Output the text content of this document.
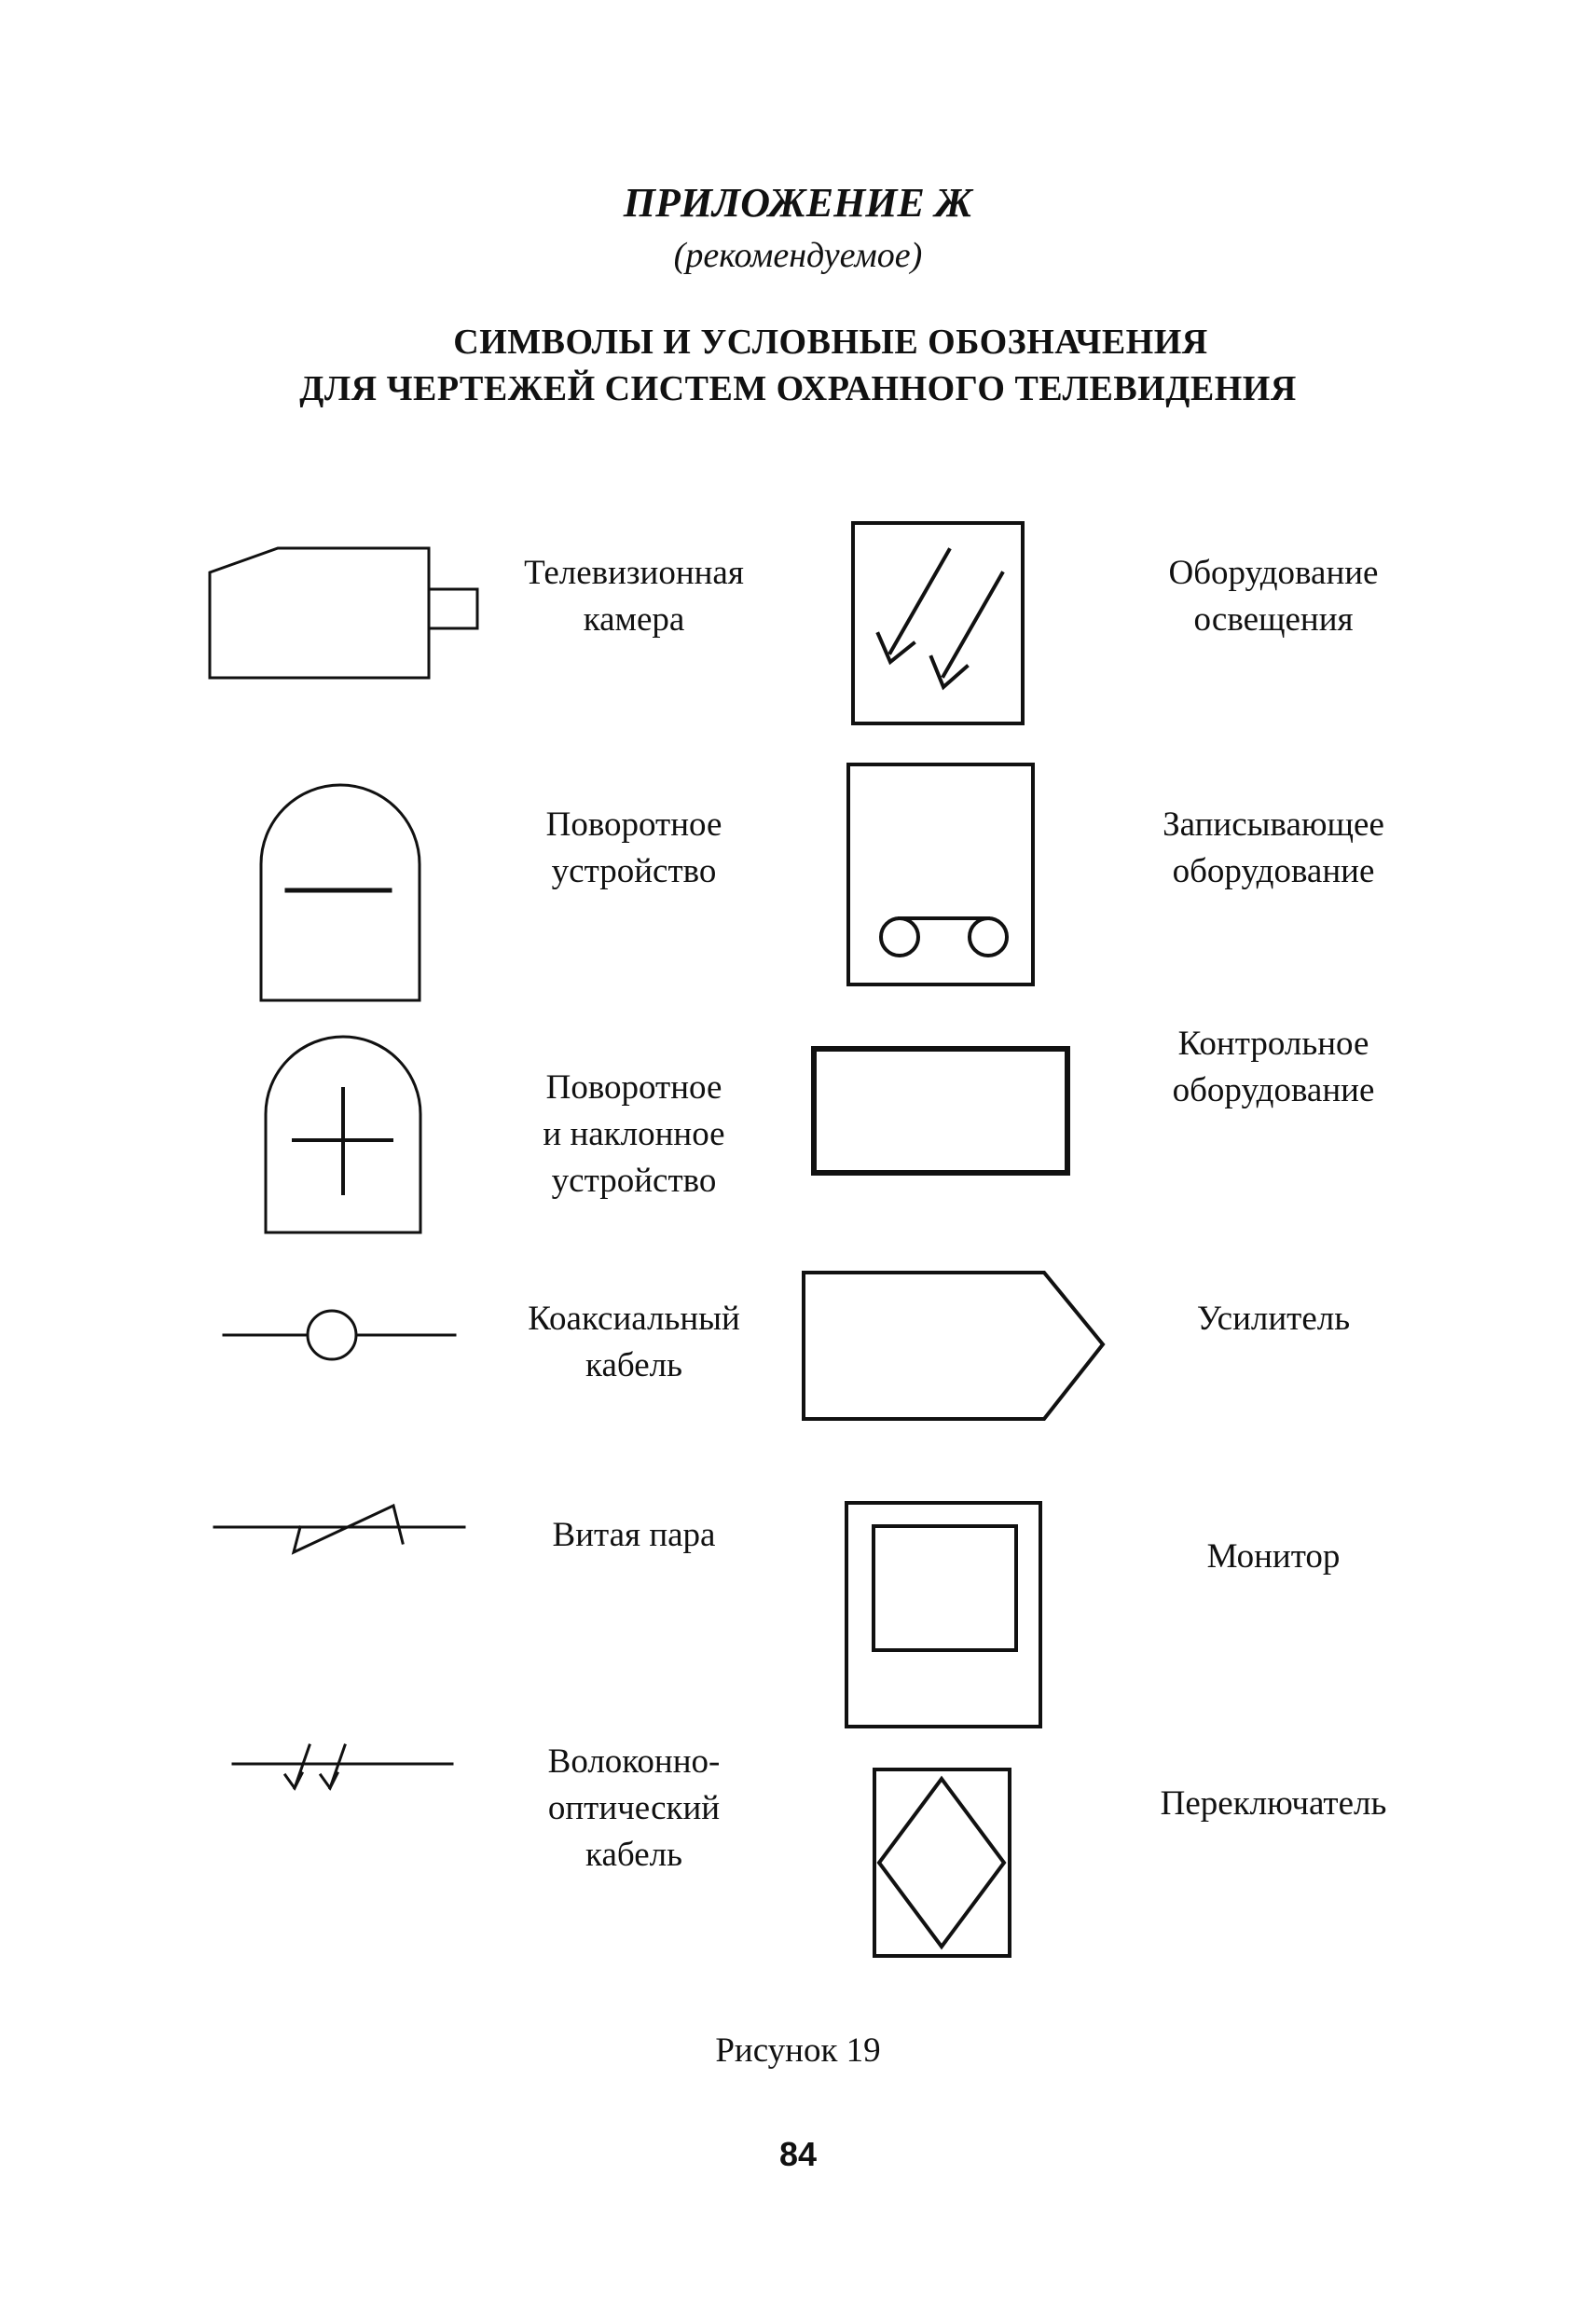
ПРИЛОЖЕНИЕ Ж
(рекомендуемое)
СИМВОЛЫ И УСЛОВНЫЕ ОБОЗНАЧЕНИЯ
ДЛЯ ЧЕРТЕЖЕЙ СИСТЕМ ОХРАННОГО ТЕЛЕВИДЕНИЯ
Телевизионная
камера
Поворотное
устройство
Поворотное
и наклонное
устройство
Коаксиальный
кабель
Витая пара
Волоконно-
оптический
кабель
Оборудование
освещения
Записывающее
оборудование
Контрольное
оборудование
Усилитель
Монитор
Переключатель
Рисунок 19
84
